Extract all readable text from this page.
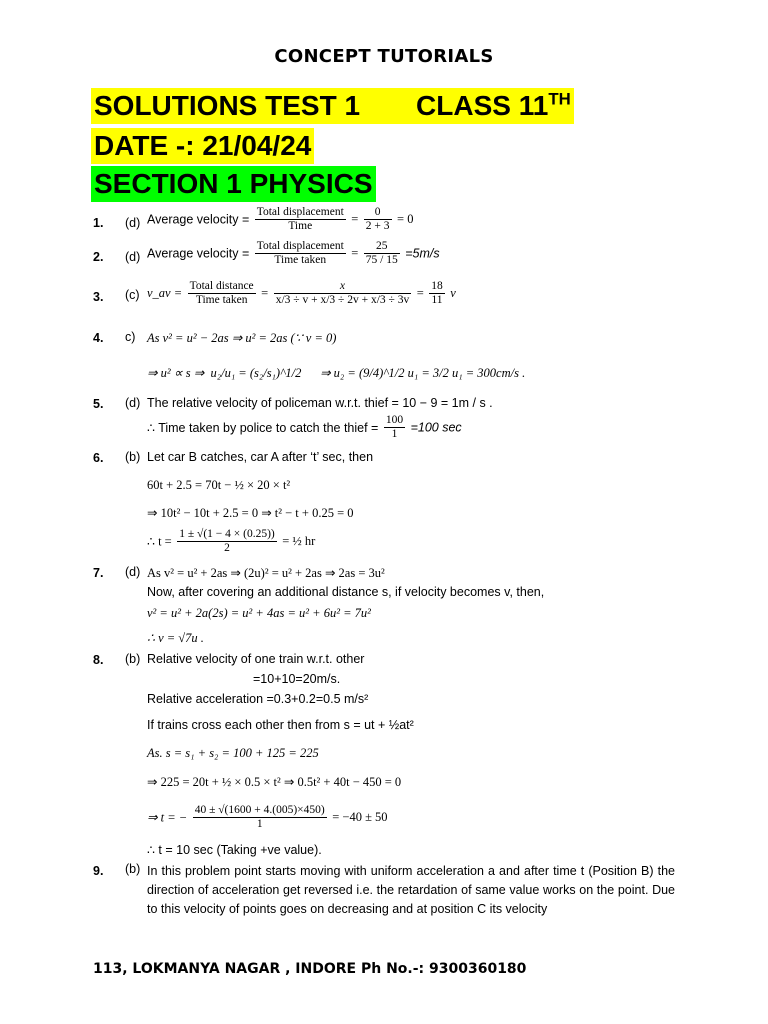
CONCEPT TUTORIALS
SOLUTIONS TEST 1 CLASS 11TH
DATE -: 21/04/24
SECTION 1 PHYSICS
1. (d) Average velocity = $\frac{\text{Total displacement}}{\text{Time}} = \frac{0}{2 + 3} = 0$
2. (d) Average velocity = $\frac{\text{Total displacement}}{\text{Time taken}} = \frac{25}{75 / 15} =5m/s$
3. (c) v_av = $\frac{\text{Total distance}}{\text{Time taken}} = \frac{x}{x/3 \div v + x/3 \div 2v + x/3 \div 3v} = \frac{18}{11}$ v
4. c) As v² = u² − 2as ⇒ u² = 2as (∵ v = 0)
⇒ u² ∝ s ⇒ u₂/u₁ = (s₂/s₁)^1/2 ⇒ u₂ = (9/4)^1/2 u₁ = 3/2 u₁ = 300cm/s .
5. (d) The relative velocity of policeman w.r.t. thief = 10 − 9 = 1m / s .
∴ Time taken by police to catch the thief = $\frac{100}{1} =100$ sec
6. (b) Let car B catches, car A after ‘t’ sec, then
60t + 2.5 = 70t − ½ × 20 × t²
⇒ 10t² − 10t + 2.5 = 0 ⇒ t² − t + 0.25 = 0
∴ $t = \frac{1 \pm √(1 - 4 \times (0.25))}{2}$ = ½ hr
7. (d) As v² = u² + 2as ⇒ (2u)² = u² + 2as ⇒ 2as = 3u²
Now, after covering an additional distance s, if velocity becomes v, then,
v² = u² + 2a(2s) = u² + 4as = u² + 6u² = 7u²
∴ v = √7u .
8. (b) Relative velocity of one train w.r.t. other
=10+10=20m/s.
Relative acceleration =0.3+0.2=0.5 m/s²
If trains cross each other then from s = ut + ½at²
As. s = s₁ + s₂ = 100 + 125 = 225
⇒ 225 = 20t + ½ × 0.5 × t² ⇒ 0.5t² + 40t − 450 = 0
⇒ t = − $\frac{40 \pm √(1600 + 4.(005)\times 450)}{1} = -40 \pm 50$
∴ t = 10 sec (Taking +ve value).
9. (b) In this problem point starts moving with uniform acceleration a and after time t (Position B) the direction of acceleration get reversed i.e. the retardation of same value works on the point. Due to this velocity of points goes on decreasing and at position C its velocity
113, LOKMANYA NAGAR , INDORE Ph No.-: 9300360180
